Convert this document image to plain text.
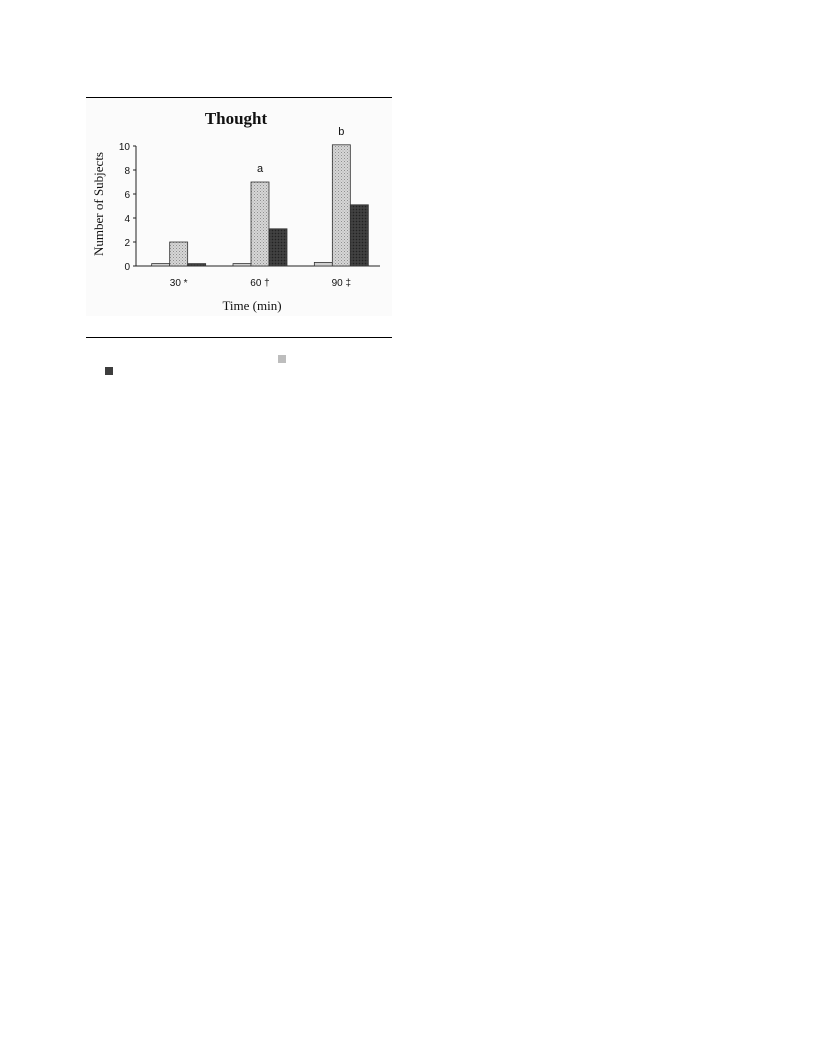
Thought
Number of Subjects
Time (min)
0
2
4
6
8
10
30 *	60 †	90 ‡
a
b
